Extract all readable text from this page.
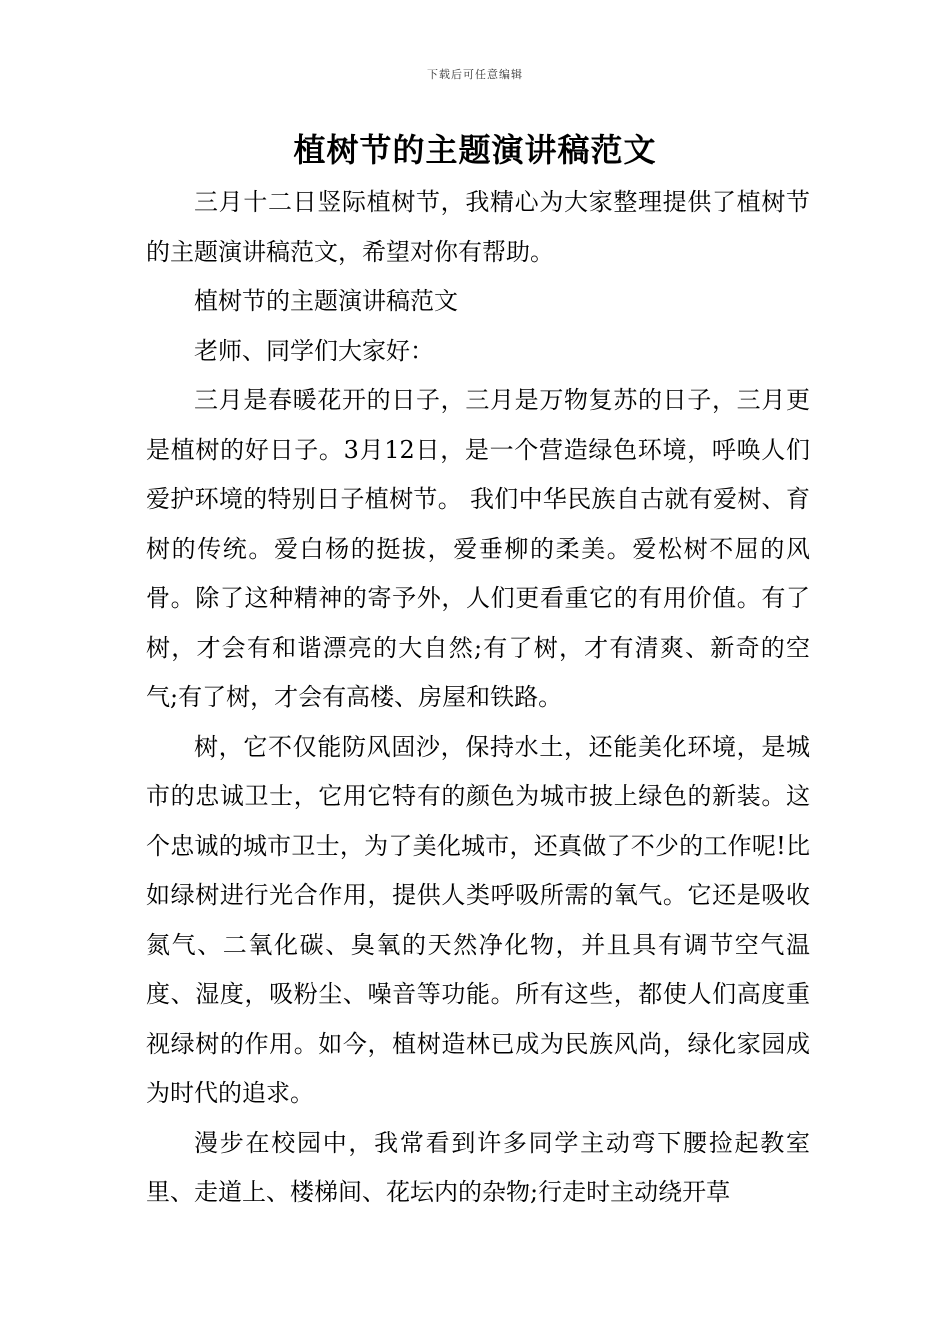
下载后可任意编辑
植树节的主题演讲稿范文

三月十二日竖际植树节，我精心为大家整理提供了植树节的主题演讲稿范文，希望对你有帮助。

植树节的主题演讲稿范文

老师、同学们大家好：

三月是春暖花开的日子，三月是万物复苏的日子，三月更是植树的好日子。3月12日，是一个营造绿色环境，呼唤人们爱护环境的特别日子植树节。 我们中华民族自古就有爱树、育树的传统。爱白杨的挺拔，爱垂柳的柔美。爱松树不屈的风骨。除了这种精神的寄予外，人们更看重它的有用价值。有了树，才会有和谐漂亮的大自然;有了树，才有清爽、新奇的空气;有了树，才会有高楼、房屋和铁路。

树，它不仅能防风固沙，保持水土，还能美化环境，是城市的忠诚卫士，它用它特有的颜色为城市披上绿色的新装。这个忠诚的城市卫士，为了美化城市，还真做了不少的工作呢!比如绿树进行光合作用，提供人类呼吸所需的氧气。它还是吸收氮气、二氧化碳、臭氧的天然净化物，并且具有调节空气温度、湿度，吸粉尘、噪音等功能。所有这些，都使人们高度重视绿树的作用。如今，植树造林已成为民族风尚，绿化家园成为时代的追求。

漫步在校园中，我常看到许多同学主动弯下腰捡起教室里、走道上、楼梯间、花坛内的杂物;行走时主动绕开草
